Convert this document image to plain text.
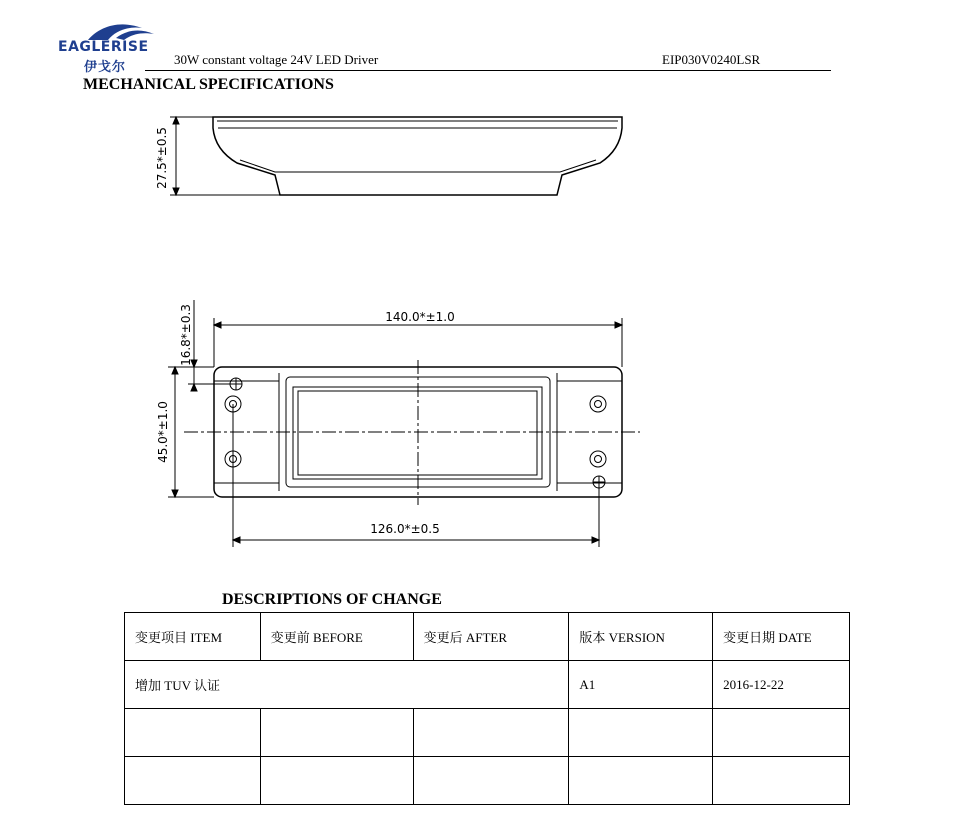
EAGLERISE
伊戈尔
30W constant voltage 24V LED Driver	EIP030V0240LSR
MECHANICAL SPECIFICATIONS
27.5*±0.5
140.0*±1.0
16.8*±0.3
45.0*±1.0
126.0*±0.5
DESCRIPTIONS OF CHANGE
变更项目 ITEM	变更前 BEFORE	变更后 AFTER	版本 VERSION	变更日期 DATE
增加 TUV 认证			A1	2016-12-22
